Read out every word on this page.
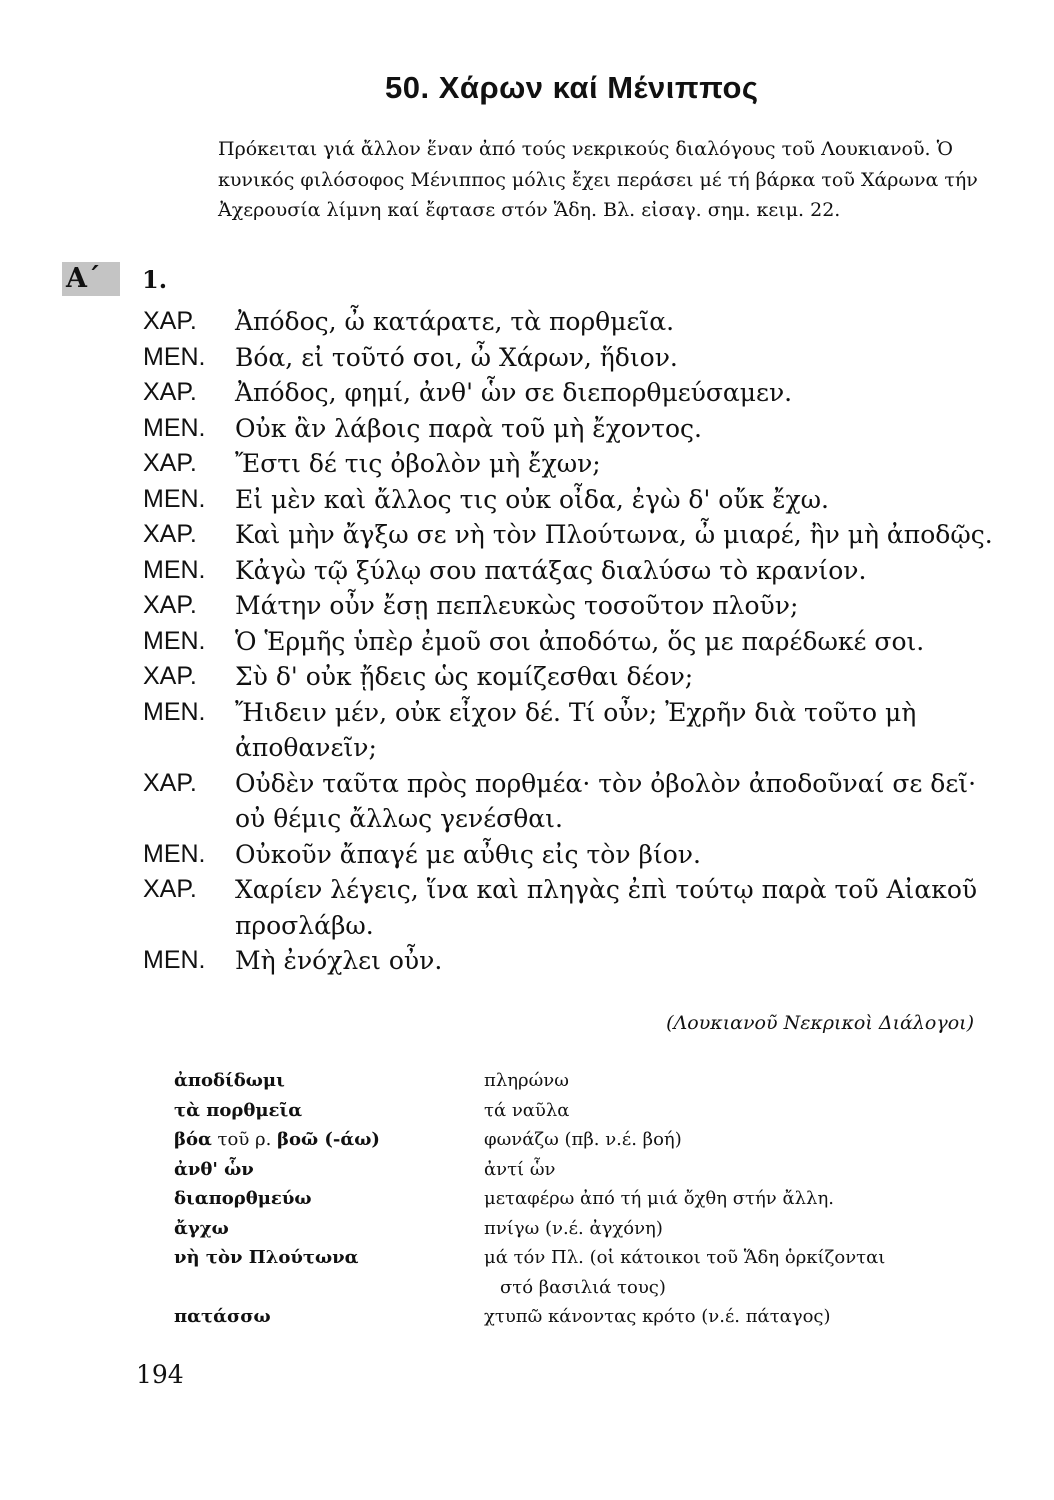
50. Χάρων καί Μένιππος
Πρόκειται γιά ἄλλον ἕναν ἀπό τούς νεκρικούς διαλόγους τοῦ Λουκιανοῦ. Ὁ κυνικός φιλόσοφος Μένιππος μόλις ἔχει περάσει μέ τή βάρκα τοῦ Χάρωνα τήν Ἀχερουσία λίμνη καί ἔφτασε στόν Ἅδη. Βλ. εἰσαγ. σημ. κειμ. 22.
Α΄	1.
ΧΑΡ.	Ἀπόδος, ὦ κατάρατε, τὰ πορθμεῖα.
ΜΕΝ.	Βόα, εἰ τοῦτό σοι, ὦ Χάρων, ἥδιον.
ΧΑΡ.	Ἀπόδος, φημί, ἀνθ' ὧν σε διεπορθμεύσαμεν.
ΜΕΝ.	Οὐκ ἂν λάβοις παρὰ τοῦ μὴ ἔχοντος.
ΧΑΡ.	Ἔστι δέ τις ὀβολὸν μὴ ἔχων;
ΜΕΝ.	Εἰ μὲν καὶ ἄλλος τις οὐκ οἶδα, ἐγὼ δ' οὔκ ἔχω.
ΧΑΡ.	Καὶ μὴν ἄγξω σε νὴ τὸν Πλούτωνα, ὦ μιαρέ, ἢν μὴ ἀποδῷς.
ΜΕΝ.	Κἀγὼ τῷ ξύλῳ σου πατάξας διαλύσω τὸ κρανίον.
ΧΑΡ.	Μάτην οὖν ἔσῃ πεπλευκὼς τοσοῦτον πλοῦν;
ΜΕΝ.	Ὁ Ἑρμῆς ὑπὲρ ἐμοῦ σοι ἀποδότω, ὅς με παρέδωκέ σοι.
ΧΑΡ.	Σὺ δ' οὐκ ᾔδεις ὡς κομίζεσθαι δέον;
ΜΕΝ.	Ἤιδειν μέν, οὐκ εἶχον δέ. Τί οὖν; Ἐχρῆν διὰ τοῦτο μὴ ἀποθανεῖν;
ΧΑΡ.	Οὐδὲν ταῦτα πρὸς πορθμέα· τὸν ὀβολὸν ἀποδοῦναί σε δεῖ· οὐ θέμις ἄλλως γενέσθαι.
ΜΕΝ.	Οὐκοῦν ἄπαγέ με αὖθις εἰς τὸν βίον.
ΧΑΡ.	Χαρίεν λέγεις, ἵνα καὶ πληγὰς ἐπὶ τούτῳ παρὰ τοῦ Αἰακοῦ προσλάβω.
ΜΕΝ.	Μὴ ἐνόχλει οὖν.
(Λουκιανοῦ Νεκρικοὶ Διάλογοι)
ἀποδίδωμι	πληρώνω
τὰ πορθμεῖα	τά ναῦλα
βόα τοῦ ρ. βοῶ (-άω)	φωνάζω (πβ. ν.έ. βοή)
ἀνθ' ὧν	ἀντί ὧν
διαπορθμεύω	μεταφέρω ἀπό τή μιά ὄχθη στήν ἄλλη.
ἄγχω	πνίγω (ν.έ. ἀγχόνη)
νὴ τὸν Πλούτωνα	μά τόν Πλ. (οἱ κάτοικοι τοῦ Ἅδη ὁρκίζονται
στό βασιλιά τους)
πατάσσω	χτυπῶ κάνοντας κρότο (ν.έ. πάταγος)
194
